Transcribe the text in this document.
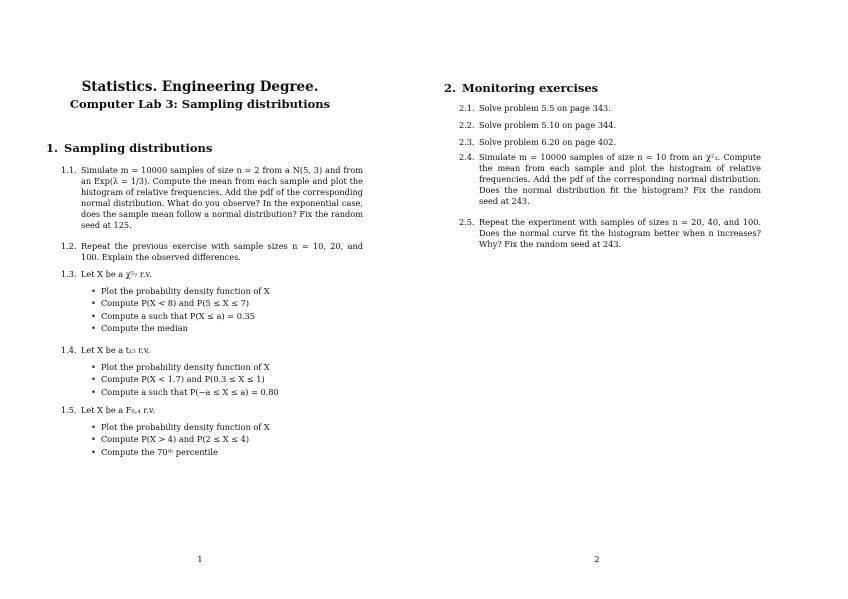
Statistics. Engineering Degree.
Computer Lab 3: Sampling distributions
1. Sampling distributions
1.1. Simulate m = 10000 samples of size n = 2 from a N(5, 3) and from an Exp(λ = 1/3). Compute the mean from each sample and plot the histogram of relative frequencies. Add the pdf of the corresponding normal distribution. What do you observe? In the exponential case, does the sample mean follow a normal distribution? Fix the random seed at 125.
1.2. Repeat the previous exercise with sample sizes n = 10, 20, and 100. Explain the observed differences.
1.3. Let X be a χ²₇ r.v.
• Plot the probability density function of X
• Compute P(X < 8) and P(5 ≤ X ≤ 7)
• Compute a such that P(X ≤ a) = 0.35
• Compute the median
1.4. Let X be a t₁₅ r.v.
• Plot the probability density function of X
• Compute P(X < 1.7) and P(0.3 ≤ X ≤ 1)
• Compute a such that P(−a ≤ X ≤ a) = 0.80
1.5. Let X be a F₆,₄ r.v.
• Plot the probability density function of X
• Compute P(X > 4) and P(2 ≤ X ≤ 4)
• Compute the 70ᵗʰ percentile
1
2. Monitoring exercises
2.1. Solve problem 5.5 on page 343.
2.2. Solve problem 5.10 on page 344.
2.3. Solve problem 6.20 on page 402.
2.4. Simulate m = 10000 samples of size n = 10 from an χ²₃. Compute the mean from each sample and plot the histogram of relative frequencies. Add the pdf of the corresponding normal distribution. Does the normal distribution fit the histogram? Fix the random seed at 243.
2.5. Repeat the experiment with samples of sizes n = 20, 40, and 100. Does the normal curve fit the histogram better when n increases? Why? Fix the random seed at 243.
2
